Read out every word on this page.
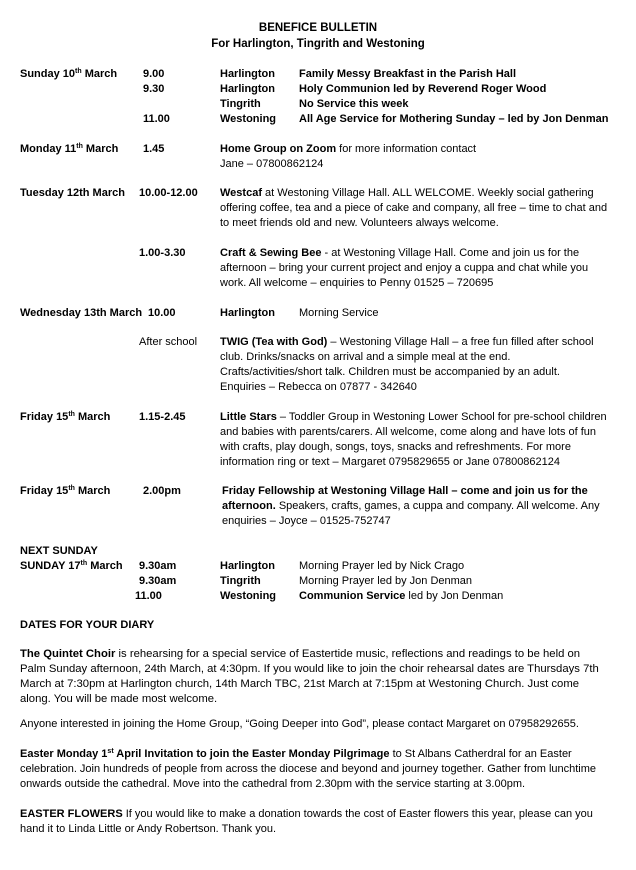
BENEFICE BULLETIN
For Harlington, Tingrith and Westoning
Sunday 10th March 9.00	Harlington Family Messy Breakfast in the Parish Hall
9.30	Harlington Holy Communion led by Reverend Roger Wood
Tingrith	No Service this week
11.00	Westoning All Age Service for Mothering Sunday – led by Jon Denman
Monday 11th March 1.45	Home Group on Zoom for more information contact
Jane – 07800862124
Tuesday 12th March 10.00-12.00 Westcaf at Westoning Village Hall. ALL WELCOME. Weekly social gathering
offering coffee, tea and a piece of cake and company, all free – time to chat and
to meet friends old and new. Volunteers always welcome.
1.00-3.30	Craft & Sewing Bee - at Westoning Village Hall. Come and join us for the
afternoon – bring your current project and enjoy a cuppa and chat while you
work. All welcome – enquiries to Penny 01525 – 720695
Wednesday 13th March 10.00	Harlington Morning Service
After school TWIG (Tea with God) – Westoning Village Hall – a free fun filled after school
club. Drinks/snacks on arrival and a simple meal at the end.
Crafts/activities/short talk. Children must be accompanied by an adult.
Enquiries – Rebecca on 07877 - 342640
Friday 15th March	1.15-2.45	Little Stars – Toddler Group in Westoning Lower School for pre-school children
and babies with parents/carers. All welcome, come along and have lots of fun
with crafts, play dough, songs, toys, snacks and refreshments. For more
information ring or text – Margaret 0795829655 or Jane 07800862124
Friday 15th March	2.00pm	Friday Fellowship at Westoning Village Hall – come and join us for the
afternoon. Speakers, crafts, games, a cuppa and company. All welcome. Any
enquiries – Joyce – 01525-752747
NEXT SUNDAY
SUNDAY 17th March 9.30am	Harlington Morning Prayer led by Nick Crago
9.30am	Tingrith	Morning Prayer led by Jon Denman
11.00	Westoning Communion Service led by Jon Denman
DATES FOR YOUR DIARY
The Quintet Choir is rehearsing for a special service of Eastertide music, reflections and readings to be held on
Palm Sunday afternoon, 24th March, at 4:30pm. If you would like to join the choir rehearsal dates are Thursdays 7th
March at 7:30pm at Harlington church, 14th March TBC, 21st March at 7:15pm at Westoning Church. Just come
along. You will be made most welcome.
Anyone interested in joining the Home Group, “Going Deeper into God”, please contact Margaret on 07958292655.
Easter Monday 1st April Invitation to join the Easter Monday Pilgrimage to St Albans Catherdral for an Easter
celebration. Join hundreds of people from across the diocese and beyond and journey together. Gather from lunchtime
onwards outside the cathedral. Move into the cathedral from 2.30pm with the service starting at 3.00pm.
EASTER FLOWERS If you would like to make a donation towards the cost of Easter flowers this year, please can you
hand it to Linda Little or Andy Robertson. Thank you.
